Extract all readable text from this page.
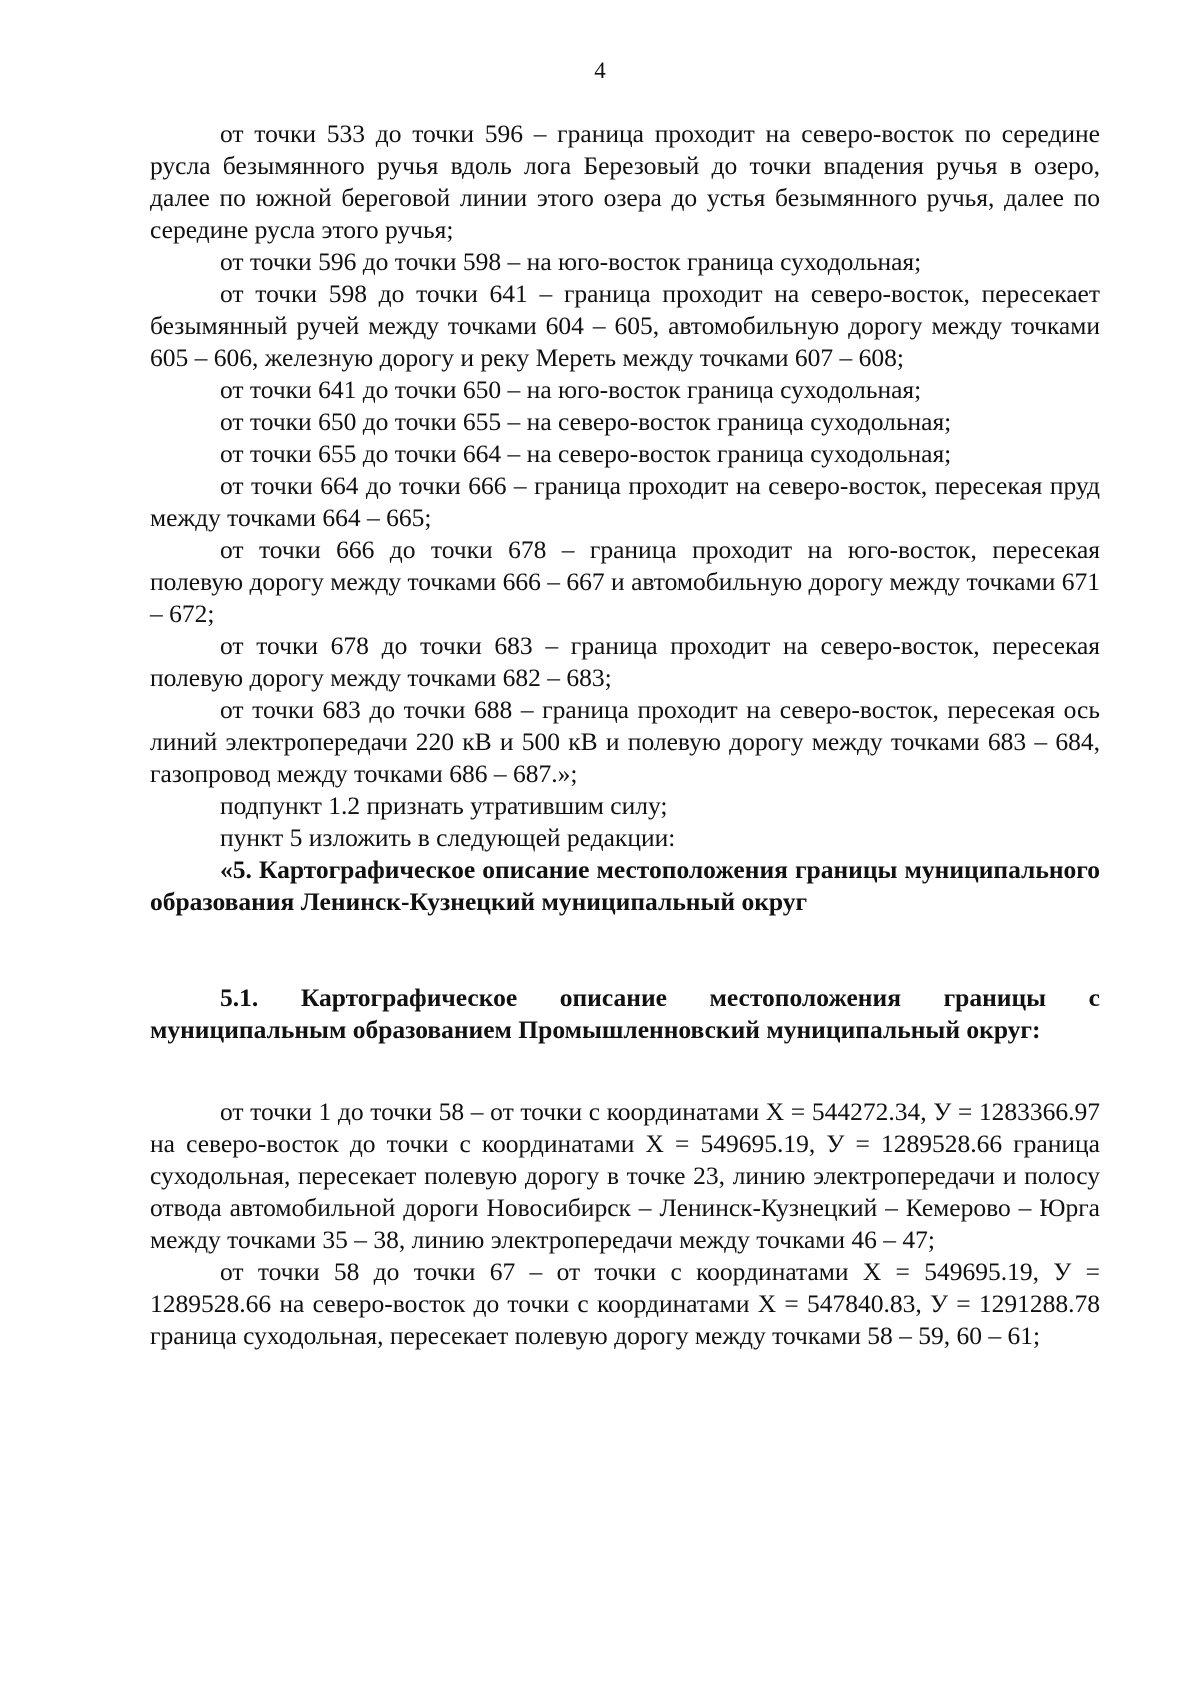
4

от точки 533 до точки 596 – граница проходит на северо-восток по середине русла безымянного ручья вдоль лога Березовый до точки впадения ручья в озеро, далее по южной береговой линии этого озера до устья безымянного ручья, далее по середине русла этого ручья;

от точки 596 до точки 598 – на юго-восток граница суходольная;

от точки 598 до точки 641 – граница проходит на северо-восток, пересекает безымянный ручей между точками 604 – 605, автомобильную дорогу между точками 605 – 606, железную дорогу и реку Мереть между точками 607 – 608;

от точки 641 до точки 650 – на юго-восток граница суходольная;

от точки 650 до точки 655 – на северо-восток граница суходольная;

от точки 655 до точки 664 – на северо-восток граница суходольная;

от точки 664 до точки 666 – граница проходит на северо-восток, пересекая пруд между точками 664 – 665;

от точки 666 до точки 678 – граница проходит на юго-восток, пересекая полевую дорогу между точками 666 – 667 и автомобильную дорогу между точками 671 – 672;

от точки 678 до точки 683 – граница проходит на северо-восток, пересекая полевую дорогу между точками 682 – 683;

от точки 683 до точки 688 – граница проходит на северо-восток, пересекая ось линий электропередачи 220 кВ и 500 кВ и полевую дорогу между точками 683 – 684, газопровод между точками 686 – 687.»;

подпункт 1.2 признать утратившим силу;

пункт 5 изложить в следующей редакции:

«5. Картографическое описание местоположения границы муниципального образования Ленинск-Кузнецкий муниципальный округ

5.1. Картографическое описание местоположения границы с муниципальным образованием Промышленновский муниципальный округ:

от точки 1 до точки 58 – от точки с координатами Х = 544272.34, У = 1283366.97 на северо-восток до точки с координатами Х = 549695.19, У = 1289528.66 граница суходольная, пересекает полевую дорогу в точке 23, линию электропередачи и полосу отвода автомобильной дороги Новосибирск – Ленинск-Кузнецкий – Кемерово – Юрга между точками 35 – 38, линию электропередачи между точками 46 – 47;

от точки 58 до точки 67 – от точки с координатами Х = 549695.19, У = 1289528.66 на северо-восток до точки с координатами Х = 547840.83, У = 1291288.78 граница суходольная, пересекает полевую дорогу между точками 58 – 59, 60 – 61;
